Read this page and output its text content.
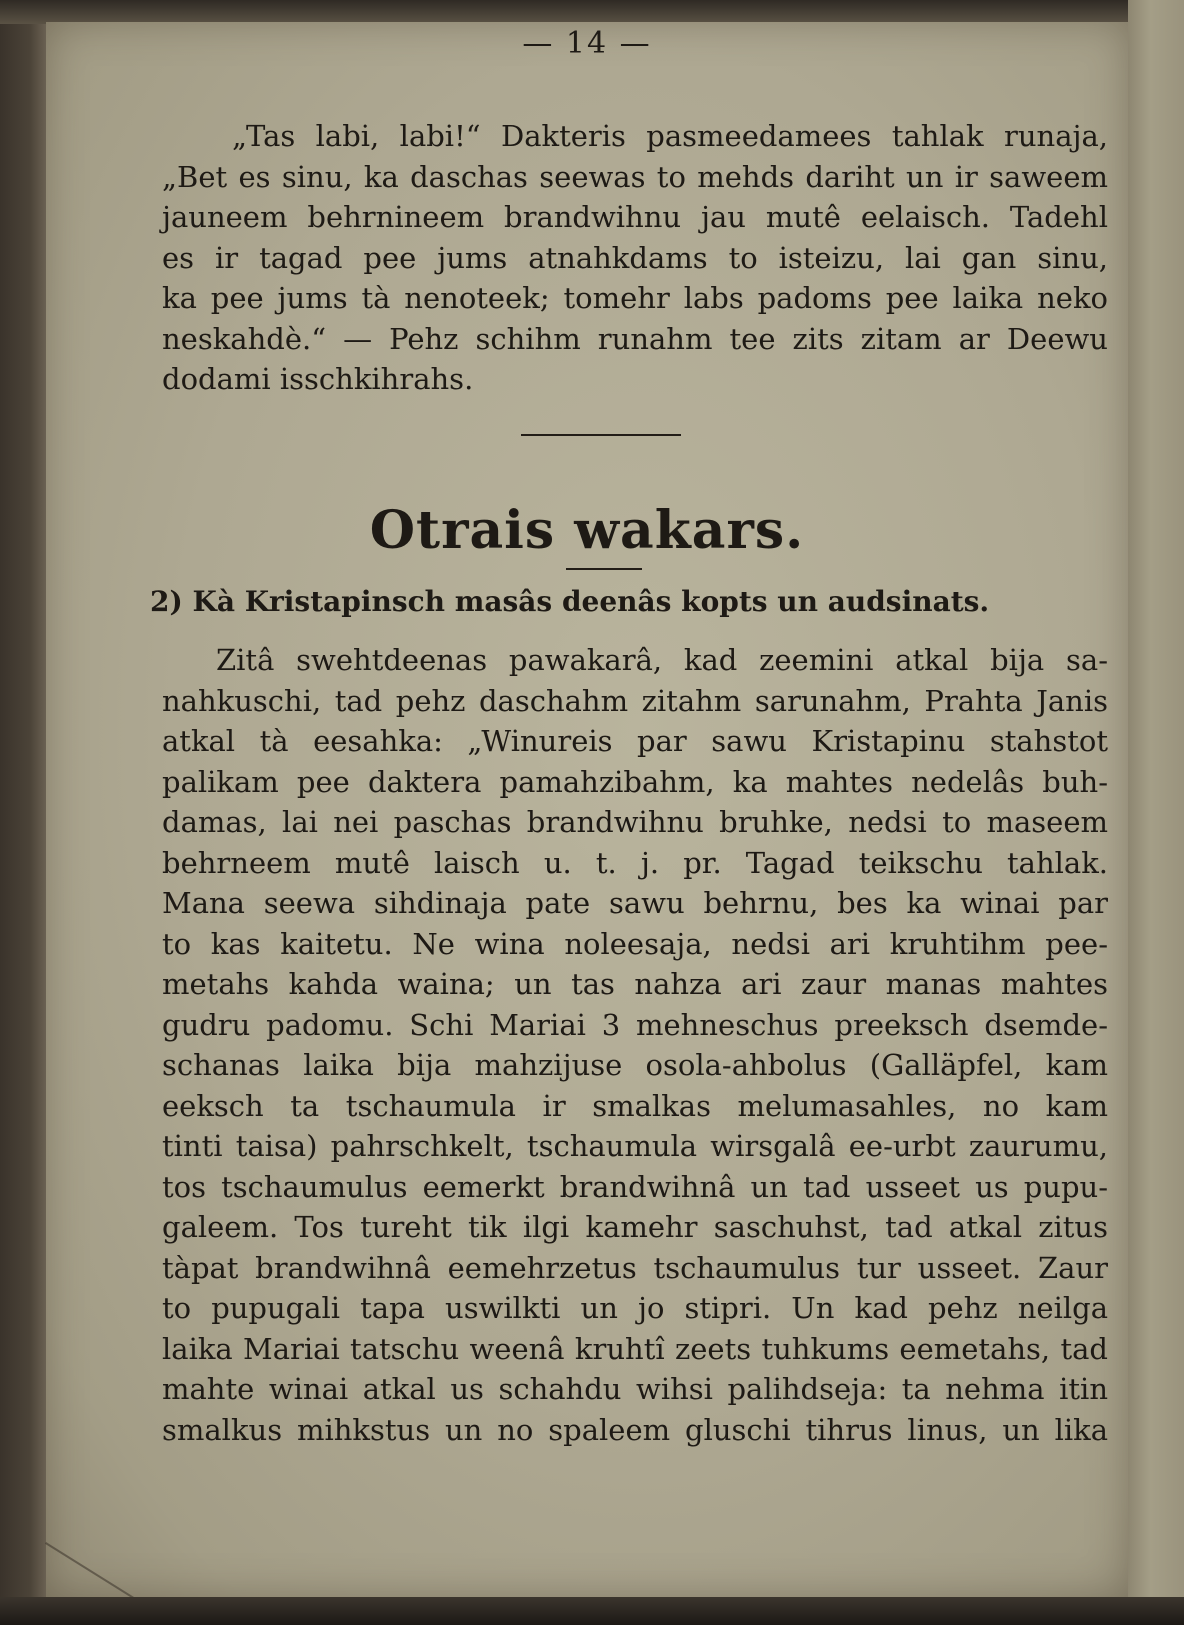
— 14 —
„Tas labi, labi!“ Dakteris pasmeedamees tahlak runaja,
„Bet es sinu, ka daschas seewas to mehds dariht un ir saweem
jauneem behrnineem brandwihnu jau mutê eelaisch. Tadehl
es ir tagad pee jums atnahkdams to isteizu, lai gan sinu,
ka pee jums tà nenoteek; tomehr labs padoms pee laika neko
neskahdè.“ — Pehz schihm runahm tee zits zitam ar Deewu
dodami isschkihrahs.
Otrais wakars.
2) Kà Kristapinsch masâs deenâs kopts un audsinats.
Zitâ swehtdeenas pawakarâ, kad zeemini atkal bija sa-
nahkuschi, tad pehz daschahm zitahm sarunahm, Prahta Janis
atkal tà eesahka: „Winureis par sawu Kristapinu stahstot
palikam pee daktera pamahzibahm, ka mahtes nedelâs buh-
damas, lai nei paschas brandwihnu bruhke, nedsi to maseem
behrneem mutê laisch u. t. j. pr. Tagad teikschu tahlak.
Mana seewa sihdinaja pate sawu behrnu, bes ka winai par
to kas kaitetu. Ne wina noleesaja, nedsi ari kruhtihm pee-
metahs kahda waina; un tas nahza ari zaur manas mahtes
gudru padomu. Schi Mariai 3 mehneschus preeksch dsemde-
schanas laika bija mahzijuse osola-ahbolus (Galläpfel, kam
eeksch ta tschaumula ir smalkas melumasahles, no kam
tinti taisa) pahrschkelt, tschaumula wirsgalâ ee-urbt zaurumu,
tos tschaumulus eemerkt brandwihnâ un tad usseet us pupu-
galeem. Tos tureht tik ilgi kamehr saschuhst, tad atkal zitus
tàpat brandwihnâ eemehrzetus tschaumulus tur usseet. Zaur
to pupugali tapa uswilkti un jo stipri. Un kad pehz neilga
laika Mariai tatschu weenâ kruhtî zeets tuhkums eemetahs, tad
mahte winai atkal us schahdu wihsi palihdseja: ta nehma itin
smalkus mihkstus un no spaleem gluschi tihrus linus, un lika
